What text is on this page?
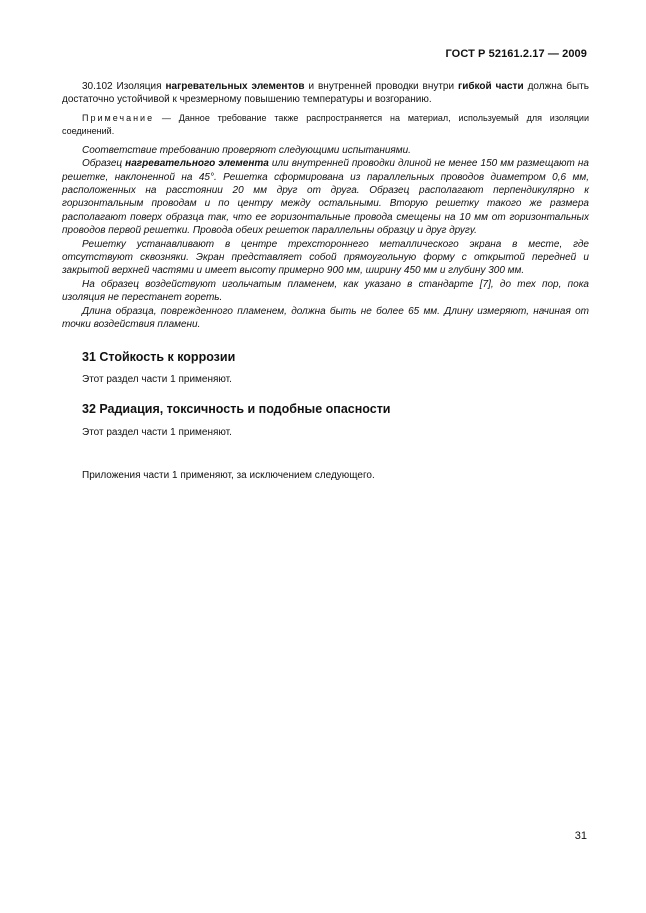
ГОСТ Р 52161.2.17 — 2009

30.102 Изоляция нагревательных элементов и внутренней проводки внутри гибкой части должна быть достаточно устойчивой к чрезмерному повышению температуры и возгоранию.

Примечание — Данное требование также распространяется на материал, используемый для изоляции соединений.

Соответствие требованию проверяют следующими испытаниями.

Образец нагревательного элемента или внутренней проводки длиной не менее 150 мм размещают на решетке, наклоненной на 45°. Решетка сформирована из параллельных проводов диаметром 0,6 мм, расположенных на расстоянии 20 мм друг от друга. Образец располагают перпендикулярно к горизонтальным проводам и по центру между остальными. Вторую решетку такого же размера располагают поверх образца так, что ее горизонтальные провода смещены на 10 мм от горизонтальных проводов первой решетки. Провода обеих решеток параллельны образцу и друг другу.

Решетку устанавливают в центре трехстороннего металлического экрана в месте, где отсутствуют сквозняки. Экран представляет собой прямоугольную форму с открытой передней и закрытой верхней частями и имеет высоту примерно 900 мм, ширину 450 мм и глубину 300 мм.

На образец воздействуют игольчатым пламенем, как указано в стандарте [7], до тех пор, пока изоляция не перестанет гореть.

Длина образца, поврежденного пламенем, должна быть не более 65 мм. Длину измеряют, начиная от точки воздействия пламени.

31 Стойкость к коррозии

Этот раздел части 1 применяют.

32 Радиация, токсичность и подобные опасности

Этот раздел части 1 применяют.

Приложения части 1 применяют, за исключением следующего.

31
